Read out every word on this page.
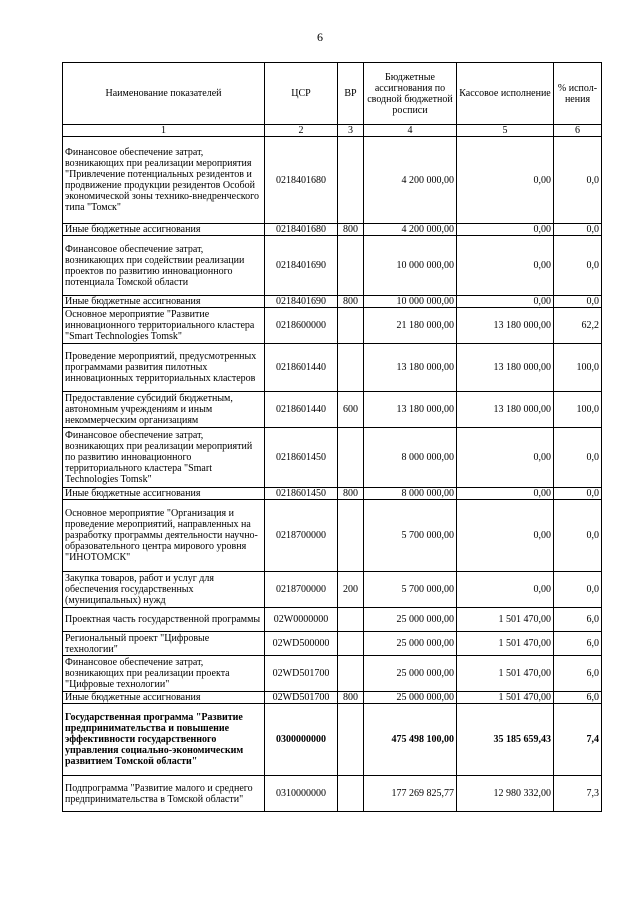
6
Наименование показателей	ЦСР	ВР	Бюджетные ассигнования по сводной бюджетной росписи	Кассовое исполнение	% испол-нения
1	2	3	4	5	6
Финансовое обеспечение затрат, возникающих при реализации мероприятия "Привлечение потенциальных резидентов и продвижение продукции резидентов Особой экономической зоны технико-внедренческого типа "Томск"	0218401680		4 200 000,00	0,00	0,0
Иные бюджетные ассигнования	0218401680	800	4 200 000,00	0,00	0,0
Финансовое обеспечение затрат, возникающих при содействии реализации проектов по развитию инновационного потенциала Томской области	0218401690		10 000 000,00	0,00	0,0
Иные бюджетные ассигнования	0218401690	800	10 000 000,00	0,00	0,0
Основное мероприятие "Развитие инновационного территориального кластера "Smart Technologies Tomsk"	0218600000		21 180 000,00	13 180 000,00	62,2
Проведение мероприятий, предусмотренных программами развития пилотных инновационных территориальных кластеров	0218601440		13 180 000,00	13 180 000,00	100,0
Предоставление субсидий бюджетным, автономным учреждениям и иным некоммерческим организациям	0218601440	600	13 180 000,00	13 180 000,00	100,0
Финансовое обеспечение затрат, возникающих при реализации мероприятий по развитию инновационного территориального кластера "Smart Technologies Tomsk"	0218601450		8 000 000,00	0,00	0,0
Иные бюджетные ассигнования	0218601450	800	8 000 000,00	0,00	0,0
Основное мероприятие "Организация и проведение мероприятий, направленных на разработку программы деятельности научно-образовательного центра мирового уровня "ИНОТОМСК"	0218700000		5 700 000,00	0,00	0,0
Закупка товаров, работ и услуг для обеспечения государственных (муниципальных) нужд	0218700000	200	5 700 000,00	0,00	0,0
Проектная часть государственной программы	02W0000000		25 000 000,00	1 501 470,00	6,0
Региональный проект "Цифровые технологии"	02WD500000		25 000 000,00	1 501 470,00	6,0
Финансовое обеспечение затрат, возникающих при реализации проекта "Цифровые технологии"	02WD501700		25 000 000,00	1 501 470,00	6,0
Иные бюджетные ассигнования	02WD501700	800	25 000 000,00	1 501 470,00	6,0
Государственная программа "Развитие предпринимательства и повышение эффективности государственного управления социально-экономическим развитием Томской области"	0300000000		475 498 100,00	35 185 659,43	7,4
Подпрограмма "Развитие малого и среднего предпринимательства в Томской области"	0310000000		177 269 825,77	12 980 332,00	7,3
